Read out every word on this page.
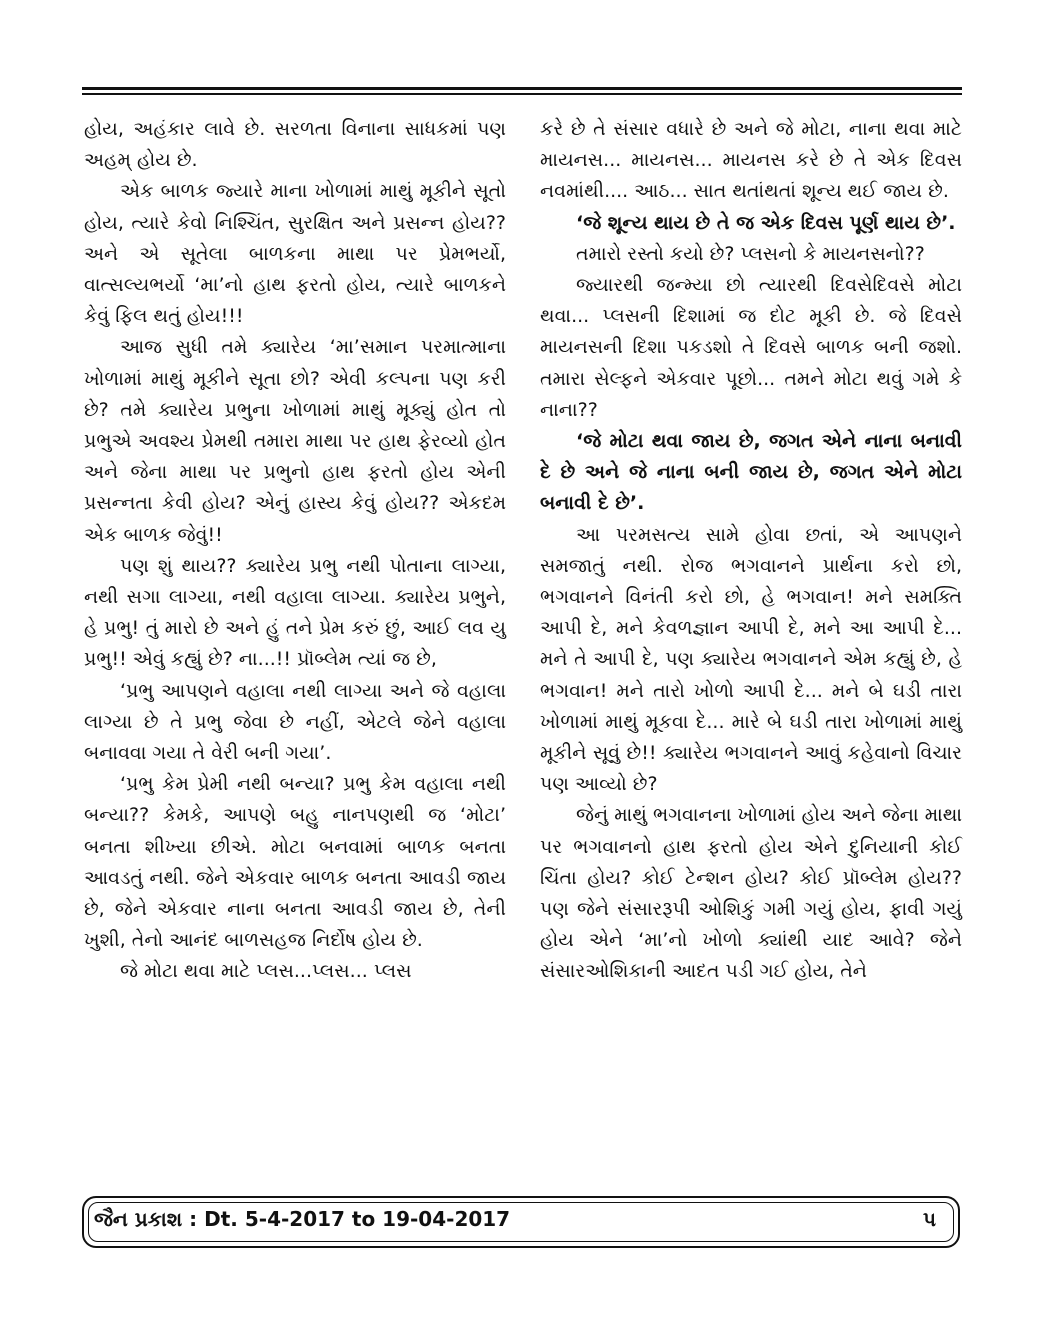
હોય, અહંકાર લાવે છે. સરળતા વિનાના સાધકમાં પણ અહમ્ હોય છે.

એક બાળક જ્યારે માના ખોળામાં માથું મૂકીને સૂતો હોય, ત્યારે કેવો નિશ્ચિંત, સુરક્ષિત અને પ્રસન્ન હોય?? અને એ સૂતેલા બાળકના માથા પર પ્રેમભર્યો, વાત્સલ્યભર્યો ‘મા’નો હાથ ફરતો હોય, ત્યારે બાળકને કેવું ફિલ થતું હોય!!!

આજ સુધી તમે ક્યારેય ‘મા’સમાન પરમાત્માના ખોળામાં માથું મૂકીને સૂતા છો? એવી કલ્પના પણ કરી છે? તમે ક્યારેય પ્રભુના ખોળામાં માથું મૂક્યું હોત તો પ્રભુએ અવશ્ય પ્રેમથી તમારા માથા પર હાથ ફેરવ્યો હોત અને જેના માથા પર પ્રભુનો હાથ ફરતો હોય એની પ્રસન્નતા કેવી હોય? એનું હાસ્ય કેવું હોય?? એકદમ એક બાળક જેવું!!

પણ શું થાય?? ક્યારેય પ્રભુ નથી પોતાના લાગ્યા, નથી સગા લાગ્યા, નથી વહાલા લાગ્યા. ક્યારેય પ્રભુને, હે પ્રભુ! તું મારો છે અને હું તને પ્રેમ કરું છું, આઈ લવ યુ પ્રભુ!! એવું કહ્યું છે? ના...!! પ્રૉબ્લેમ ત્યાં જ છે,

‘પ્રભુ આપણને વહાલા નથી લાગ્યા અને જે વહાલા લાગ્યા છે તે પ્રભુ જેવા છે નહીં, એટલે જેને વહાલા બનાવવા ગયા તે વેરી બની ગયા’.

‘પ્રભુ કેમ પ્રેમી નથી બન્યા? પ્રભુ કેમ વહાલા નથી બન્યા?? કેમકે, આપણે બહુ નાનપણથી જ ‘મોટા’ બનતા શીખ્યા છીએ. મોટા બનવામાં બાળક બનતા આવડતું નથી. જેને એકવાર બાળક બનતા આવડી જાય છે, જેને એકવાર નાના બનતા આવડી જાય છે, તેની ખુશી, તેનો આનંદ બાળસહજ નિર્દોષ હોય છે.

જે મોટા થવા માટે પ્લસ...પ્લસ... પ્લસ

કરે છે તે સંસાર વધારે છે અને જે મોટા, નાના થવા માટે માયનસ... માયનસ... માયનસ કરે છે તે એક દિવસ નવમાંથી.... આઠ... સાત થતાંથતાં શૂન્ય થઈ જાય છે.

‘જે શૂન્ય થાય છે તે જ એક દિવસ પૂર્ણ થાય છે’.

તમારો રસ્તો કયો છે? પ્લસનો કે માયનસનો??

જ્યારથી જન્મ્યા છો ત્યારથી દિવસેદિવસે મોટા થવા... પ્લસની દિશામાં જ દોટ મૂકી છે. જે દિવસે માયનસની દિશા પકડશો તે દિવસે બાળક બની જશો. તમારા સેલ્ફને એકવાર પૂછો... તમને મોટા થવું ગમે કે નાના??

‘જે મોટા થવા જાય છે, જગત એને નાના બનાવી દે છે અને જે નાના બની જાય છે, જગત એને મોટા બનાવી દે છે’.

આ પરમસત્ય સામે હોવા છતાં, એ આપણને સમજાતું નથી. રોજ ભગવાનને પ્રાર્થના કરો છો, ભગવાનને વિનંતી કરો છો, હે ભગવાન! મને સમક્તિ આપી દે, મને કેવળજ્ઞાન આપી દે, મને આ આપી દે... મને તે આપી દે, પણ ક્યારેય ભગવાનને એમ કહ્યું છે, હે ભગવાન! મને તારો ખોળો આપી દે... મને બે ઘડી તારા ખોળામાં માથું મૂકવા દે... મારે બે ઘડી તારા ખોળામાં માથું મૂકીને સૂવું છે!! ક્યારેય ભગવાનને આવું કહેવાનો વિચાર પણ આવ્યો છે?

જેનું માથું ભગવાનના ખોળામાં હોય અને જેના માથા પર ભગવાનનો હાથ ફરતો હોય એને દુનિયાની કોઈ ચિંતા હોય? કોઈ ટેન્શન હોય? કોઈ પ્રૉબ્લેમ હોય?? પણ જેને સંસારરૂપી ઓશિકું ગમી ગયું હોય, ફાવી ગયું હોય એને ‘મા’નો ખોળો ક્યાંથી યાદ આવે? જેને સંસારઓશિકાની આદત પડી ગઈ હોય, તેને

જૈન પ્રકાશ : Dt. 5-4-2017 to 19-04-2017	પ
